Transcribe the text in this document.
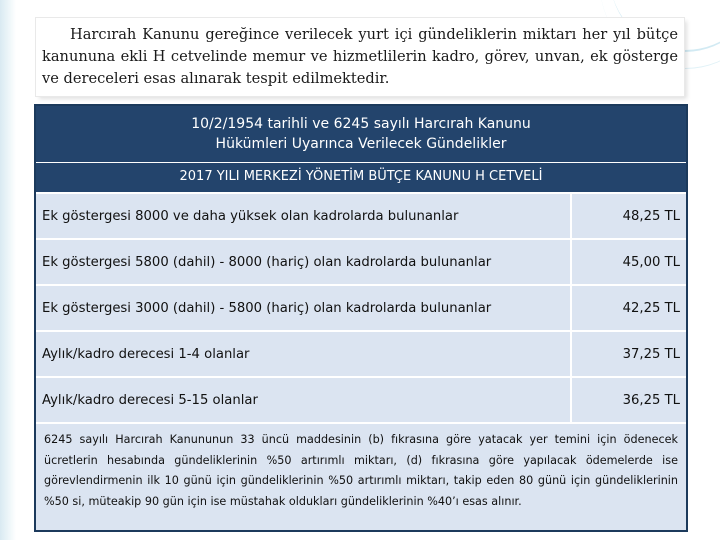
Harcırah Kanunu gereğince verilecek yurt içi gündeliklerin miktarı her yıl bütçe kanununa ekli H cetvelinde memur ve hizmetlilerin kadro, görev, unvan, ek gösterge ve dereceleri esas alınarak tespit edilmektedir.
10/2/1954 tarihli ve 6245 sayılı Harcırah Kanunu
Hükümleri Uyarınca Verilecek Gündelikler
2017 YILI MERKEZİ YÖNETİM BÜTÇE KANUNU H CETVELİ
Ek göstergesi 8000 ve daha yüksek olan kadrolarda bulunanlar	48,25 TL
Ek göstergesi 5800 (dahil) - 8000 (hariç) olan kadrolarda bulunanlar	45,00 TL
Ek göstergesi 3000 (dahil) - 5800 (hariç) olan kadrolarda bulunanlar	42,25 TL
Aylık/kadro derecesi 1-4 olanlar	37,25 TL
Aylık/kadro derecesi 5-15 olanlar	36,25 TL
6245 sayılı Harcırah Kanununun 33 üncü maddesinin (b) fıkrasına göre yatacak yer temini için ödenecek ücretlerin hesabında gündeliklerinin %50 artırımlı miktarı, (d) fıkrasına göre yapılacak ödemelerde ise görevlendirmenin ilk 10 günü için gündeliklerinin %50 artırımlı miktarı, takip eden 80 günü için gündeliklerinin %50 si, müteakip 90 gün için ise müstahak oldukları gündeliklerinin %40’ı esas alınır.
